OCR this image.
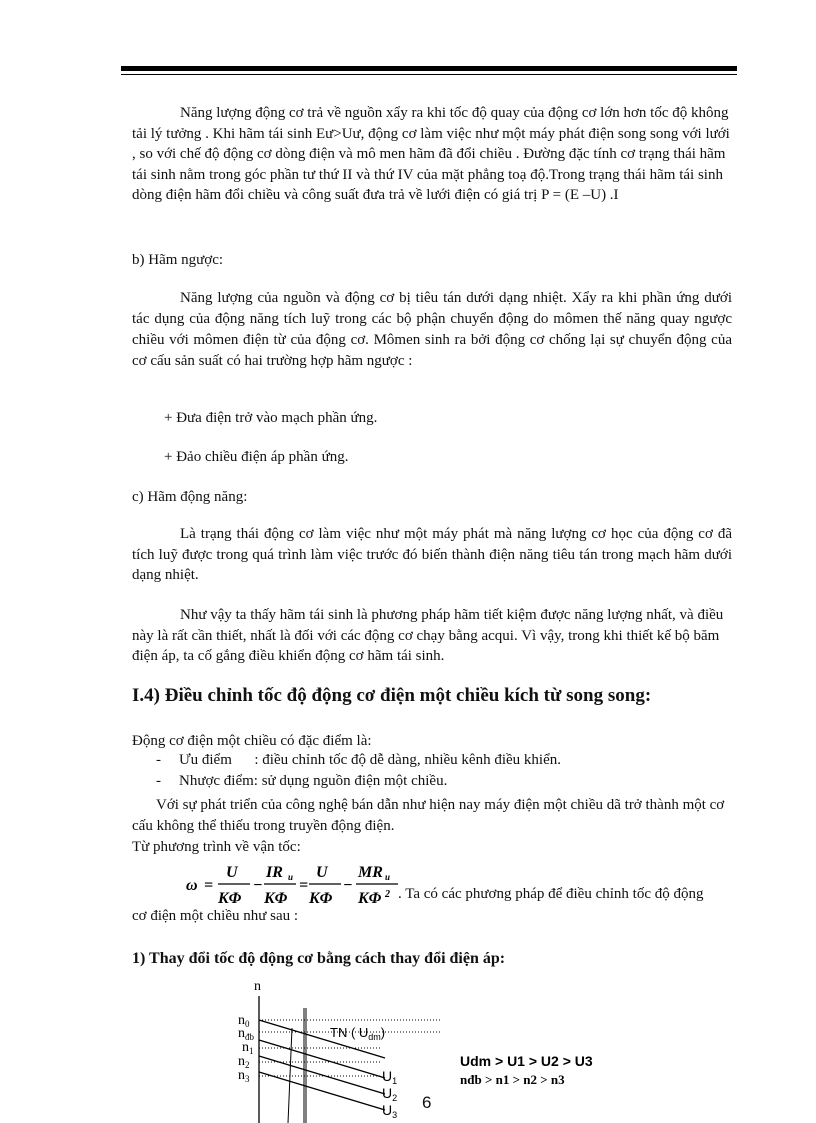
Năng lượng động cơ trả về nguồn xẩy ra khi tốc độ quay của động cơ lớn hơn tốc độ không tải lý tưởng . Khi hãm tái sinh Eư>Uư, động cơ làm việc như một máy phát điện song song với lưới , so với chế độ động cơ dòng điện và mô men hãm đã đổi chiều . Đường đặc tính cơ trạng thái hãm tái sinh nằm trong góc phần tư thứ II và thứ IV của mặt phẳng toạ độ.Trong trạng thái hãm tái sinh dòng điện hãm đổi chiều và công suất đưa trả về lưới điện có giá trị P = (E –U) .I
b) Hãm ngược:
Năng lượng của nguồn và động cơ bị tiêu tán dưới dạng nhiệt. Xẩy ra khi phần ứng dưới tác dụng của động năng tích luỹ trong các bộ phận chuyển động do mômen thế năng quay ngược chiều với mômen điện từ của động cơ. Mômen sinh ra bởi động cơ chống lại sự chuyển động của cơ cấu sản suất có hai trường hợp hãm ngược :
+ Đưa điện trở vào mạch phần ứng.
+ Đảo chiều điện áp phần ứng.
c) Hãm động năng:
Là trạng thái động cơ làm việc như một máy phát mà năng lượng cơ học của động cơ đã tích luỹ được trong quá trình làm việc trước đó biến thành điện năng tiêu tán trong mạch hãm dưới dạng nhiệt.
Như vậy ta thấy hãm tái sinh là phương pháp hãm tiết kiệm được năng lượng nhất, và điều này là rất cần thiết, nhất là đối với các động cơ chạy bằng acqui. Vì vậy, trong khi thiết kế bộ băm điện áp, ta cố gắng điều khiển động cơ hãm tái sinh.
I.4) Điều chỉnh tốc độ động cơ điện một chiều kích từ song song:
Động cơ điện một chiều có đặc điểm là:
- Ưu điểm      : điều chỉnh tốc độ dễ dàng, nhiều kênh điều khiển.
- Nhược điểm: sử dụng nguồn điện một chiều.
Với sự phát triển của công nghệ bán dẫn như hiện nay máy điện một chiều dã trở thành một cơ cấu không thể thiếu trong truyền động điện.
Từ phương trình về vận tốc:
ω =
U
KΦ
−
IR u
KΦ
=
U
KΦ
−
MR u
KΦ 2 . Ta có các phương pháp để điều chỉnh tốc độ động
cơ điện một chiều như sau :
1) Thay đổi tốc độ động cơ bằng cách thay đổi điện áp:
n
$n_0$
$n_{đb}$
$n_1$
$n_2$
$n_3$
TN ( $U_{dm}$)
$U_1$
$U_2$
$U_3$
Udm > U1 > U2 > U3
nđb > n1 > n2 > n3
6
